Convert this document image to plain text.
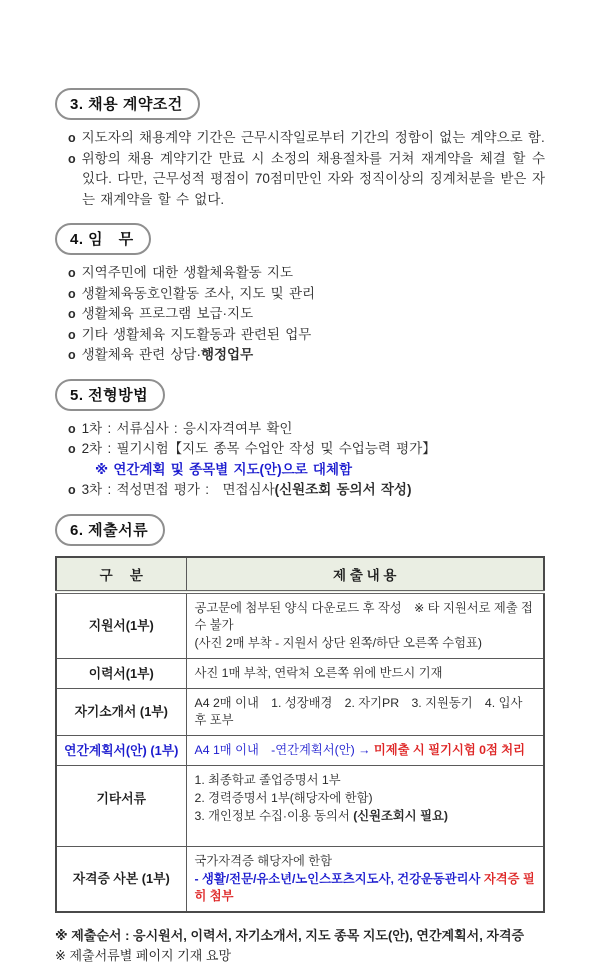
3. 채용 계약조건
o 지도자의 채용계약 기간은 근무시작일로부터 기간의 정함이 없는 계약으로 함.
o 위항의 채용 계약기간 만료 시 소정의 채용절차를 거쳐 재계약을 체결 할 수 있다. 다만, 근무성적 평점이 70점미만인 자와 정직이상의 징계처분을 받은 자는 재계약을 할 수 없다.
4. 임　무
o 지역주민에 대한 생활체육활동 지도
o 생활체육동호인활동 조사, 지도 및 관리
o 생활체육 프로그램 보급·지도
o 기타 생활체육 지도활동과 관련된 업무
o 생활체육 관련 상담·행정업무
5. 전형방법
o 1차 : 서류심사 : 응시자격여부 확인
o 2차 : 필기시험【지도 종목 수업안 작성 및 수업능력 평가】
※ 연간계획 및 종목별 지도(안)으로 대체함
o 3차 : 적성면접 평가 :　면접심사(신원조회 동의서 작성)
6. 제출서류
구　 분	제 출 내 용
지원서(1부)	공고문에 첨부된 양식 다운로드 후 작성　※ 타 지원서로 제출 접수 불가
(사진 2매 부착 - 지원서 상단 왼쪽/하단 오른쪽 수험표)

이력서(1부)	사진 1매 부착, 연락처 오른쪽 위에 반드시 기재

자기소개서 (1부)	A4 2매 이내　1. 성장배경　2. 자기PR　3. 지원동기　4. 입사 후 포부

연간계획서(안) (1부)	A4 1매 이내　-연간계획서(안) → 미제출 시 필기시험 0점 처리

기타서류	1. 최종학교 졸업증명서 1부
2. 경력증명서 1부(해당자에 한함)
3. 개인정보 수집·이용 동의서 (신원조회시 필요)

자격증 사본 (1부)	국가자격증 해당자에 한함
- 생활/전문/유소년/노인스포츠지도사, 건강운동관리사 자격증 필히 첨부
※ 제출순서 : 응시원서, 이력서, 자기소개서, 지도 종목 지도(안), 연간계획서, 자격증
※ 제출서류별 페이지 기재 요망
